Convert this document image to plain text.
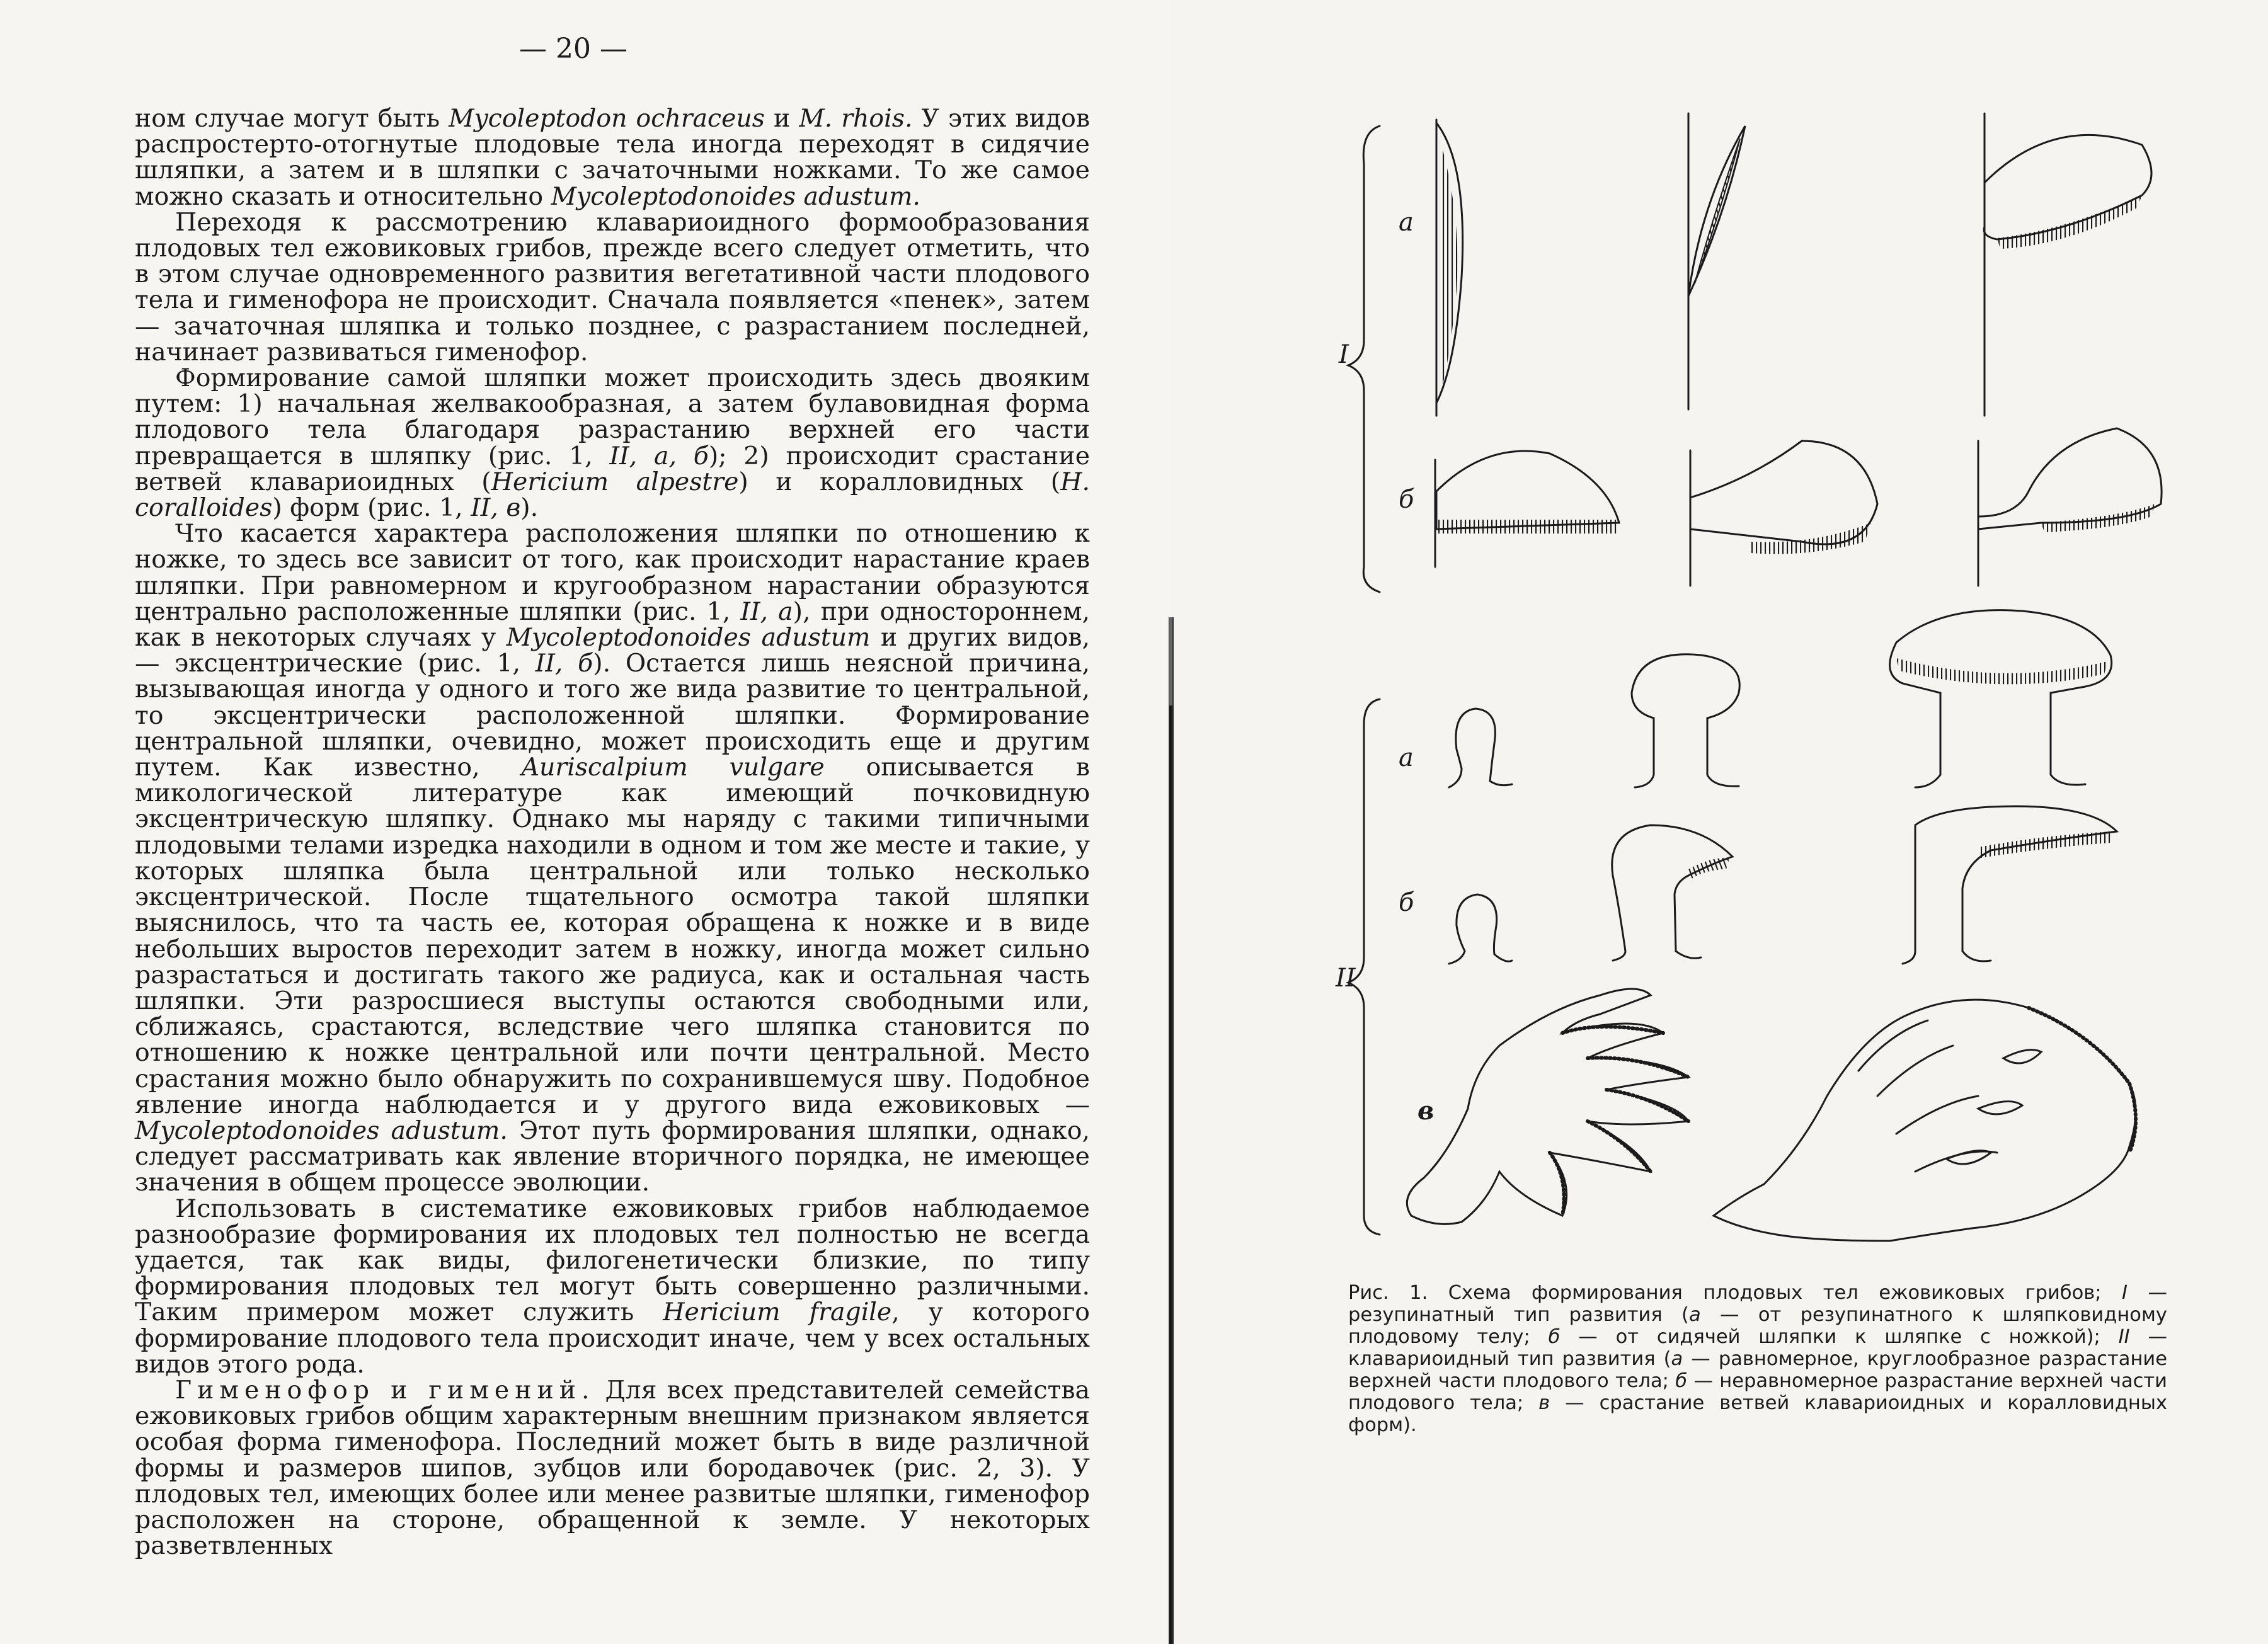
— 20 —

ном случае могут быть Mycoleptodon ochraceus и M. rhois. У этих видов распростерто-отогнутые плодовые тела иногда переходят в сидячие шляпки, а затем и в шляпки с зачаточными ножками. То же самое можно сказать и относительно Mycoleptodonoides adustum.

Переходя к рассмотрению клавариоидного формообразования плодовых тел ежовиковых грибов, прежде всего следует отметить, что в этом случае одновременного развития вегетативной части плодового тела и гименофора не происходит. Сначала появляется «пенек», затем — зачаточная шляпка и только позднее, с разрастанием последней, начинает развиваться гименофор.

Формирование самой шляпки может происходить здесь двояким путем: 1) начальная желвакообразная, а затем булавовидная форма плодового тела благодаря разрастанию верхней его части превращается в шляпку (рис. 1, II, а, б); 2) происходит срастание ветвей клавариоидных (Hericium alpestre) и коралловидных (H. coralloides) форм (рис. 1, II, в).

Что касается характера расположения шляпки по отношению к ножке, то здесь все зависит от того, как происходит нарастание краев шляпки. При равномерном и кругообразном нарастании образуются центрально расположенные шляпки (рис. 1, II, а), при одностороннем, как в некоторых случаях у Mycoleptodonoides adustum и других видов, — эксцентрические (рис. 1, II, б). Остается лишь неясной причина, вызывающая иногда у одного и того же вида развитие то центральной, то эксцентрически расположенной шляпки. Формирование центральной шляпки, очевидно, может происходить еще и другим путем. Как известно, Auriscalpium vulgare описывается в микологической литературе как имеющий почковидную эксцентрическую шляпку. Однако мы наряду с такими типичными плодовыми телами изредка находили в одном и том же месте и такие, у которых шляпка была центральной или только несколько эксцентрической. После тщательного осмотра такой шляпки выяснилось, что та часть ее, которая обращена к ножке и в виде небольших выростов переходит затем в ножку, иногда может сильно разрастаться и достигать такого же радиуса, как и остальная часть шляпки. Эти разросшиеся выступы остаются свободными или, сближаясь, срастаются, вследствие чего шляпка становится по отношению к ножке центральной или почти центральной. Место срастания можно было обнаружить по сохранившемуся шву. Подобное явление иногда наблюдается и у другого вида ежовиковых — Mycoleptodonoides adustum. Этот путь формирования шляпки, однако, следует рассматривать как явление вторичного порядка, не имеющее значения в общем процессе эволюции.

Использовать в систематике ежовиковых грибов наблюдаемое разнообразие формирования их плодовых тел полностью не всегда удается, так как виды, филогенетически близкие, по типу формирования плодовых тел могут быть совершенно различными. Таким примером может служить Hericium fragile, у которого формирование плодового тела происходит иначе, чем у всех остальных видов этого рода.

Гименофор и гимений. Для всех представителей семейства ежовиковых грибов общим характерным внешним признаком является особая форма гименофора. Последний может быть в виде различной формы и размеров шипов, зубцов или бородавочек (рис. 2, 3). У плодовых тел, имеющих более или менее развитые шляпки, гименофор расположен на стороне, обращенной к земле. У некоторых разветвленных

а
I
б
а
б
II
в
Рис. 1. Схема формирования плодовых тел ежовиковых грибов; I — резупинатный тип развития (а — от резупинатного к шляпковидному плодовому телу; б — от сидячей шляпки к шляпке с ножкой); II — клавариоидный тип развития (а — равномерное, круглообразное разрастание верхней части плодового тела; б — неравномерное разрастание верхней части плодового тела; в — срастание ветвей клавариоидных и коралловидных форм).
